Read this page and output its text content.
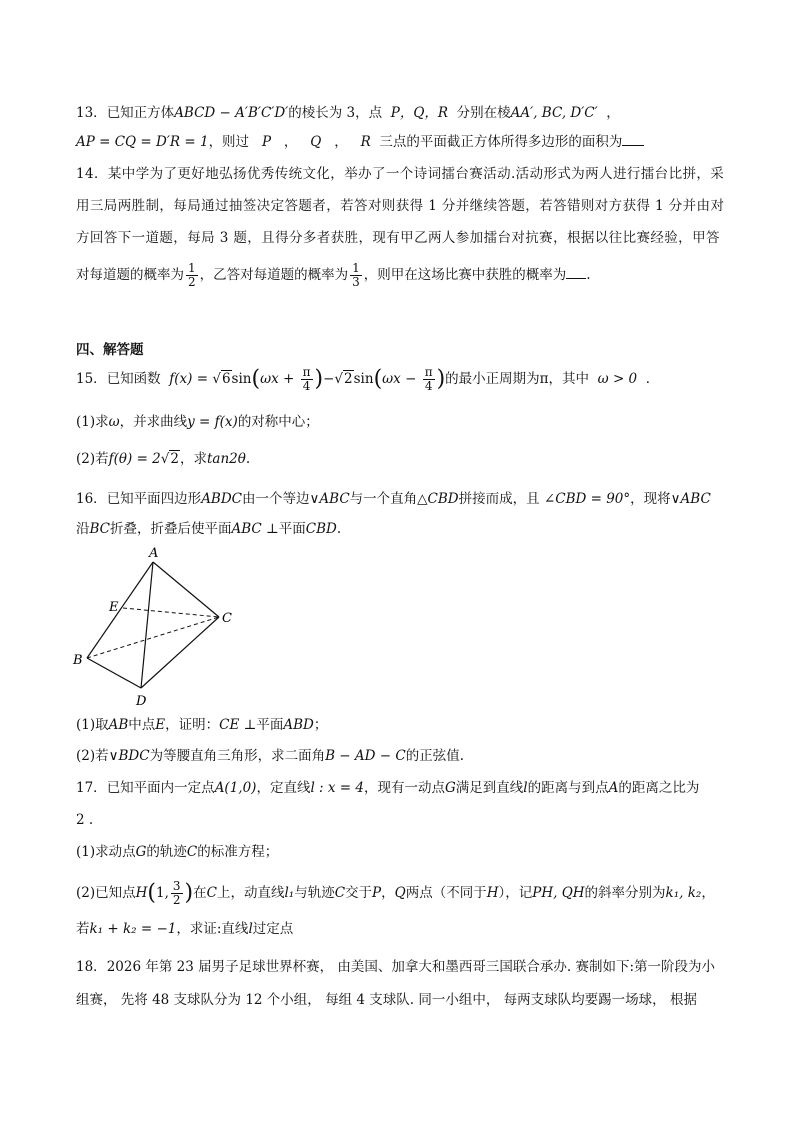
13．已知正方体ABCD − A′B′C′D′的棱长为 3，点 P，Q，R 分别在棱AA′, BC, D′C′ ，
AP = CQ = D′R = 1，则过 P   ，   Q   ，   R 三点的平面截正方体所得多边形的面积为
14．某中学为了更好地弘扬优秀传统文化，举办了一个诗词擂台赛活动.活动形式为两人进行擂台比拼，采
用三局两胜制，每局通过抽签决定答题者，若答对则获得 1 分并继续答题，若答错则对方获得 1 分并由对
方回答下一道题，每局 3 题，且得分多者获胜，现有甲乙两人参加擂台对抗赛，根据以往比赛经验，甲答
对每道题的概率为 $\frac{1}{2}$ ，乙答对每道题的概率为 $\frac{1}{3}$ ，则甲在这场比赛中获胜的概率为 .
四、解答题
15．已知函数 $f(x) = √6\sin(\omega x + \frac{\pi}{4} )-√2\sin(\omega x - \frac{\pi}{4}$ )的最小正周期为π，其中 ω > 0 ．
(1)求ω，并求曲线y = f(x)的对称中心；
(2)若f(θ) = 2√2，求tan2θ.
16．已知平面四边形ABDC由一个等边∨ABC与一个直角△CBD拼接而成，且 ∠CBD = 90°，现将∨ABC
沿BC折叠，折叠后使平面ABC ⊥平面CBD.
A
E
C
B
D
(1)取AB中点E，证明：CE ⊥平面ABD；
(2)若∨BDC为等腰直角三角形，求二面角B − AD − C的正弦值.
17．已知平面内一定点A(1,0)，定直线l : x = 4，现有一动点G满足到直线l的距离与到点A的距离之比为
2 .
(1)求动点G的轨迹C的标准方程；
(2)已知点H(1, $\frac{3}{2}$ )在C上，动直线l₁与轨迹C交于P，Q两点（不同于H），记PH, QH的斜率分别为k₁, k₂，
若k₁ + k₂ = −1，求证:直线l过定点
18．2026 年第 23 届男子足球世界杯赛， 由美国、加拿大和墨西哥三国联合承办. 赛制如下:第一阶段为小
组赛， 先将 48 支球队分为 12 个小组， 每组 4 支球队. 同一小组中， 每两支球队均要踢一场球， 根据
